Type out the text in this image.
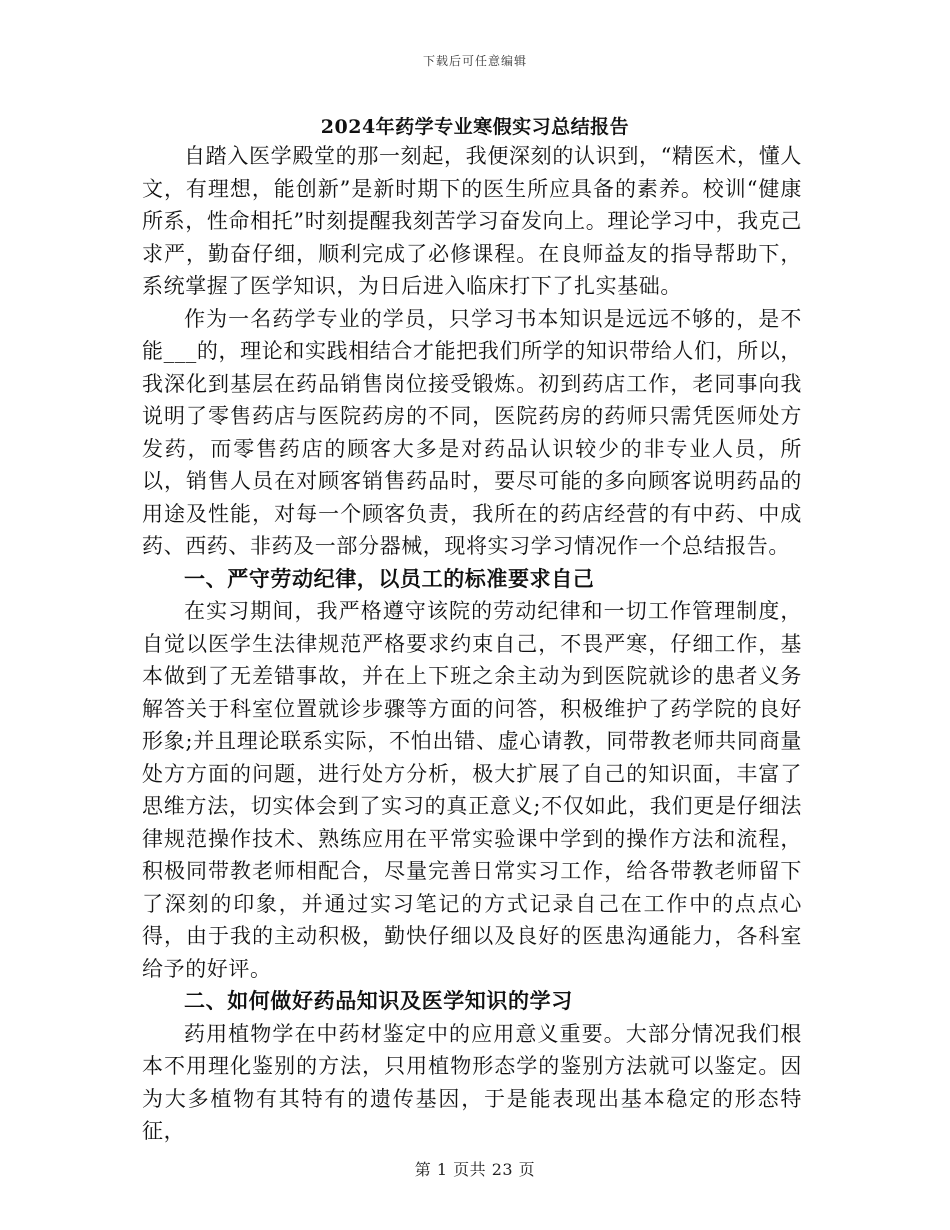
下载后可任意编辑
2024年药学专业寒假实习总结报告

自踏入医学殿堂的那一刻起，我便深刻的认识到，“精医术，懂人文，有理想，能创新”是新时期下的医生所应具备的素养。校训“健康所系，性命相托”时刻提醒我刻苦学习奋发向上。理论学习中，我克己求严，勤奋仔细，顺利完成了必修课程。在良师益友的指导帮助下，系统掌握了医学知识，为日后进入临床打下了扎实基础。

作为一名药学专业的学员，只学习书本知识是远远不够的，是不能___的，理论和实践相结合才能把我们所学的知识带给人们，所以，我深化到基层在药品销售岗位接受锻炼。初到药店工作，老同事向我说明了零售药店与医院药房的不同，医院药房的药师只需凭医师处方发药，而零售药店的顾客大多是对药品认识较少的非专业人员，所以，销售人员在对顾客销售药品时，要尽可能的多向顾客说明药品的用途及性能，对每一个顾客负责，我所在的药店经营的有中药、中成药、西药、非药及一部分器械，现将实习学习情况作一个总结报告。

一、严守劳动纪律，以员工的标准要求自己

在实习期间，我严格遵守该院的劳动纪律和一切工作管理制度，自觉以医学生法律规范严格要求约束自己，不畏严寒，仔细工作，基本做到了无差错事故，并在上下班之余主动为到医院就诊的患者义务解答关于科室位置就诊步骤等方面的问答，积极维护了药学院的良好形象;并且理论联系实际，不怕出错、虚心请教，同带教老师共同商量处方方面的问题，进行处方分析，极大扩展了自己的知识面，丰富了思维方法，切实体会到了实习的真正意义;不仅如此，我们更是仔细法律规范操作技术、熟练应用在平常实验课中学到的操作方法和流程，积极同带教老师相配合，尽量完善日常实习工作，给各带教老师留下了深刻的印象，并通过实习笔记的方式记录自己在工作中的点点心得，由于我的主动积极，勤快仔细以及良好的医患沟通能力，各科室给予的好评。

二、如何做好药品知识及医学知识的学习

药用植物学在中药材鉴定中的应用意义重要。大部分情况我们根本不用理化鉴别的方法，只用植物形态学的鉴别方法就可以鉴定。因为大多植物有其特有的遗传基因，于是能表现出基本稳定的形态特征，

第 1 页共 23 页
